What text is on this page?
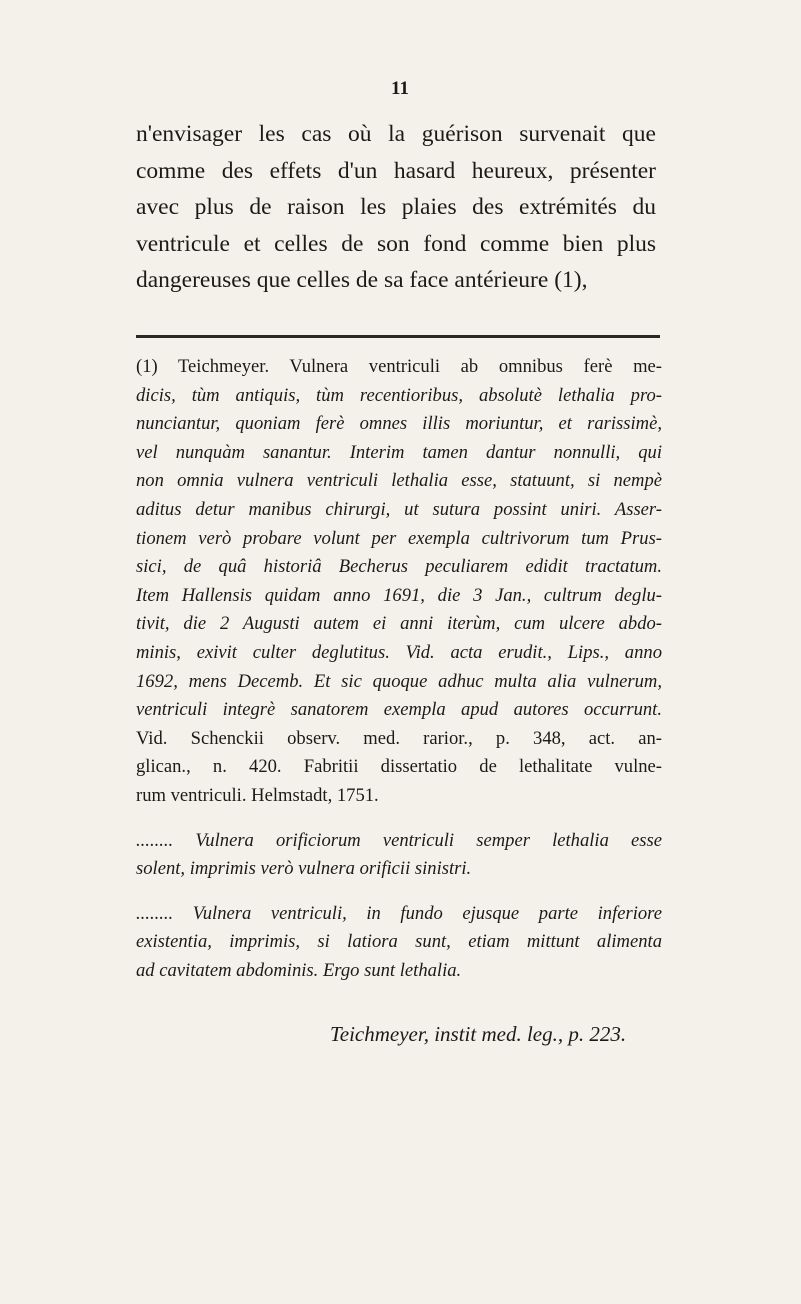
11
n'envisager les cas où la guérison survenait que
comme des effets d'un hasard heureux, présenter
avec plus de raison les plaies des extrémités du
ventricule et celles de son fond comme bien plus
dangereuses que celles de sa face antérieure (1),
(1) Teichmeyer. Vulnera ventriculi ab omnibus ferè me-
dicis, tùm antiquis, tùm recentioribus, absolutè lethalia pro-
nunciantur, quoniam ferè omnes illis moriuntur, et rarissimè,
vel nunquàm sanantur. Interim tamen dantur nonnulli, qui
non omnia vulnera ventriculi lethalia esse, statuunt, si nempè
aditus detur manibus chirurgi, ut sutura possint uniri. Asser-
tionem verò probare volunt per exempla cultrivorum tum Prus-
sici, de quâ historiâ Becherus peculiarem edidit tractatum.
Item Hallensis quidam anno 1691, die 3 Jan., cultrum deglu-
tivit, die 2 Augusti autem ei anni iterùm, cum ulcere abdo-
minis, exivit culter deglutitus. Vid. acta erudit., Lips., anno
1692, mens Decemb. Et sic quoque adhuc multa alia vulnerum,
ventriculi integrè sanatorem exempla apud autores occurrunt.
Vid. Schenckii observ. med. rarior., p. 348, act. an-
glican., n. 420. Fabritii dissertatio de lethalitate vulne-
rum ventriculi. Helmstadt, 1751.
........ Vulnera orificiorum ventriculi semper lethalia esse
solent, imprimis verò vulnera orificii sinistri.
........ Vulnera ventriculi, in fundo ejusque parte inferiore
existentia, imprimis, si latiora sunt, etiam mittunt alimenta
ad cavitatem abdominis. Ergo sunt lethalia.
Teichmeyer, instit med. leg., p. 223.
